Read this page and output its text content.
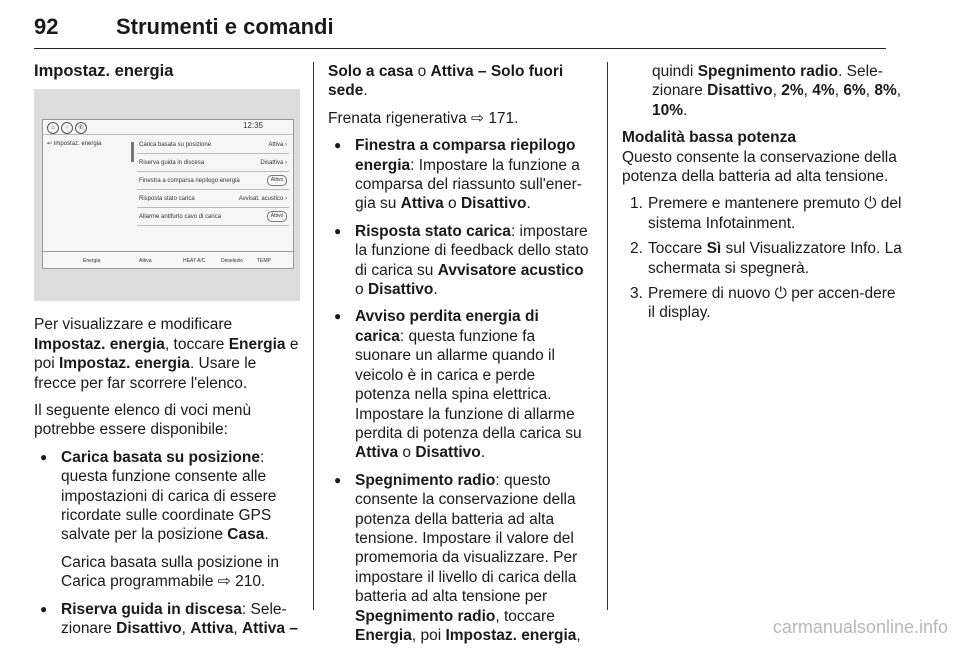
92	Strumenti e comandi
Impostaz. energia
⌂	⁘	✆	12:35
↩ Impostaz. energia	Carica basata su posizione	Attiva ›
Riserva guida in discesa	Disattiva ›
Finestra a comparsa riepilogo energia	Attivo
Risposta stato carica	Avvisat. acustico ›
Allarme antifurto cavo di carica	Attivo
Energia	Attiva	HEAT A/C	Deselezio	TEMP

Per visualizzare e modificare Impostaz. energia, toccare Energia e poi Impostaz. energia. Usare le frecce per far scorrere l'elenco.

Il seguente elenco di voci menù potrebbe essere disponibile:

● Carica basata su posizione: questa funzione consente alle impostazioni di carica di essere ricordate sulle coordinate GPS salvate per la posizione Casa.
Carica basata sulla posizione in Carica programmabile ⇨ 210.
● Riserva guida in discesa: Sele-zionare Disattivo, Attiva, Attiva –

Solo a casa o Attiva – Solo fuori sede.

Frenata rigenerativa ⇨ 171.

● Finestra a comparsa riepilogo energia: Impostare la funzione a comparsa del riassunto sull'ener-gia su Attiva o Disattivo.
● Risposta stato carica: impostare la funzione di feedback dello stato di carica su Avvisatore acustico o Disattivo.
● Avviso perdita energia di carica: questa funzione fa suonare un allarme quando il veicolo è in carica e perde potenza nella spina elettrica. Impostare la funzione di allarme perdita di potenza della carica su Attiva o Disattivo.
● Spegnimento radio: questo consente la conservazione della potenza della batteria ad alta tensione. Impostare il valore del promemoria da visualizzare. Per impostare il livello di carica della batteria ad alta tensione per Spegnimento radio, toccare Energia, poi Impostaz. energia,

quindi Spegnimento radio. Sele-zionare Disattivo, 2%, 4%, 6%, 8%, 10%.

Modalità bassa potenza

Questo consente la conservazione della potenza della batteria ad alta tensione.

1. Premere e mantenere premuto ⏻ del sistema Infotainment.
2. Toccare Sì sul Visualizzatore Info. La schermata si spegnerà.
3. Premere di nuovo ⏻ per accen-dere il display.
carmanualsonline.info
